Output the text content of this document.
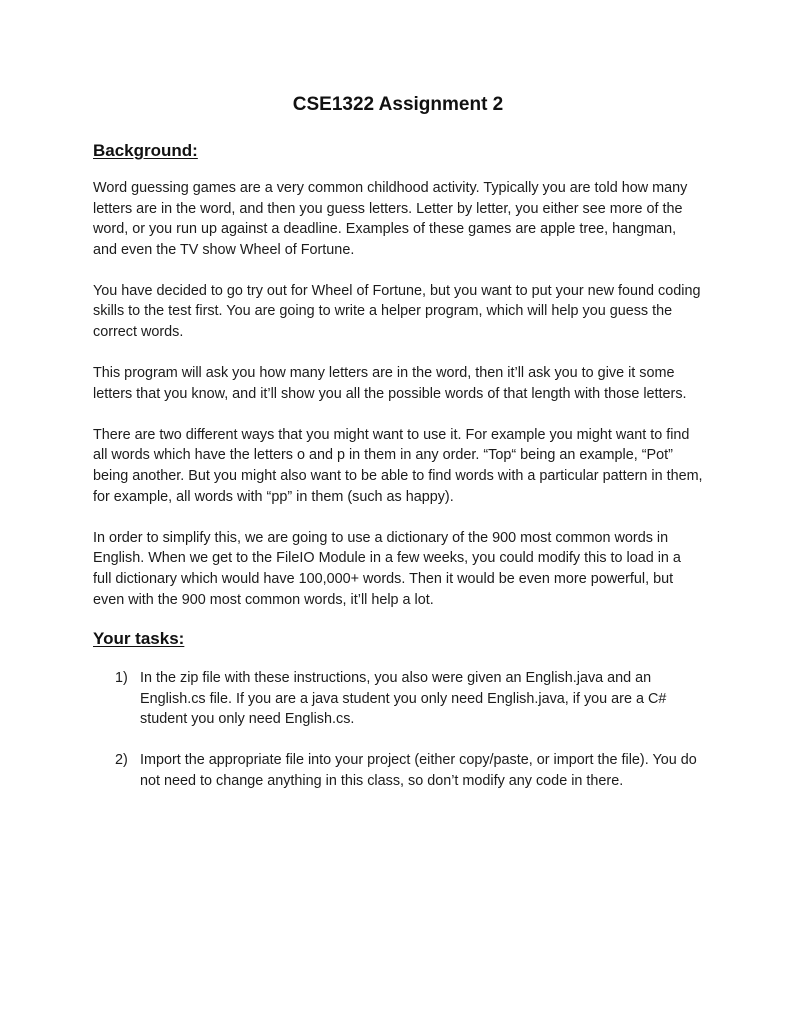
CSE1322 Assignment 2
Background:

Word guessing games are a very common childhood activity. Typically you are told how many letters are in the word, and then you guess letters. Letter by letter, you either see more of the word, or you run up against a deadline. Examples of these games are apple tree, hangman, and even the TV show Wheel of Fortune.

You have decided to go try out for Wheel of Fortune, but you want to put your new found coding skills to the test first. You are going to write a helper program, which will help you guess the correct words.

This program will ask you how many letters are in the word, then it’ll ask you to give it some letters that you know, and it’ll show you all the possible words of that length with those letters.

There are two different ways that you might want to use it. For example you might want to find all words which have the letters o and p in them in any order. “Top“ being an example, “Pot” being another. But you might also want to be able to find words with a particular pattern in them, for example, all words with “pp” in them (such as happy).

In order to simplify this, we are going to use a dictionary of the 900 most common words in English. When we get to the FileIO Module in a few weeks, you could modify this to load in a full dictionary which would have 100,000+ words. Then it would be even more powerful, but even with the 900 most common words, it’ll help a lot.

Your tasks:
1) In the zip file with these instructions, you also were given an English.java and an English.cs file. If you are a java student you only need English.java, if you are a C# student you only need English.cs.
2) Import the appropriate file into your project (either copy/paste, or import the file). You do not need to change anything in this class, so don’t modify any code in there.
